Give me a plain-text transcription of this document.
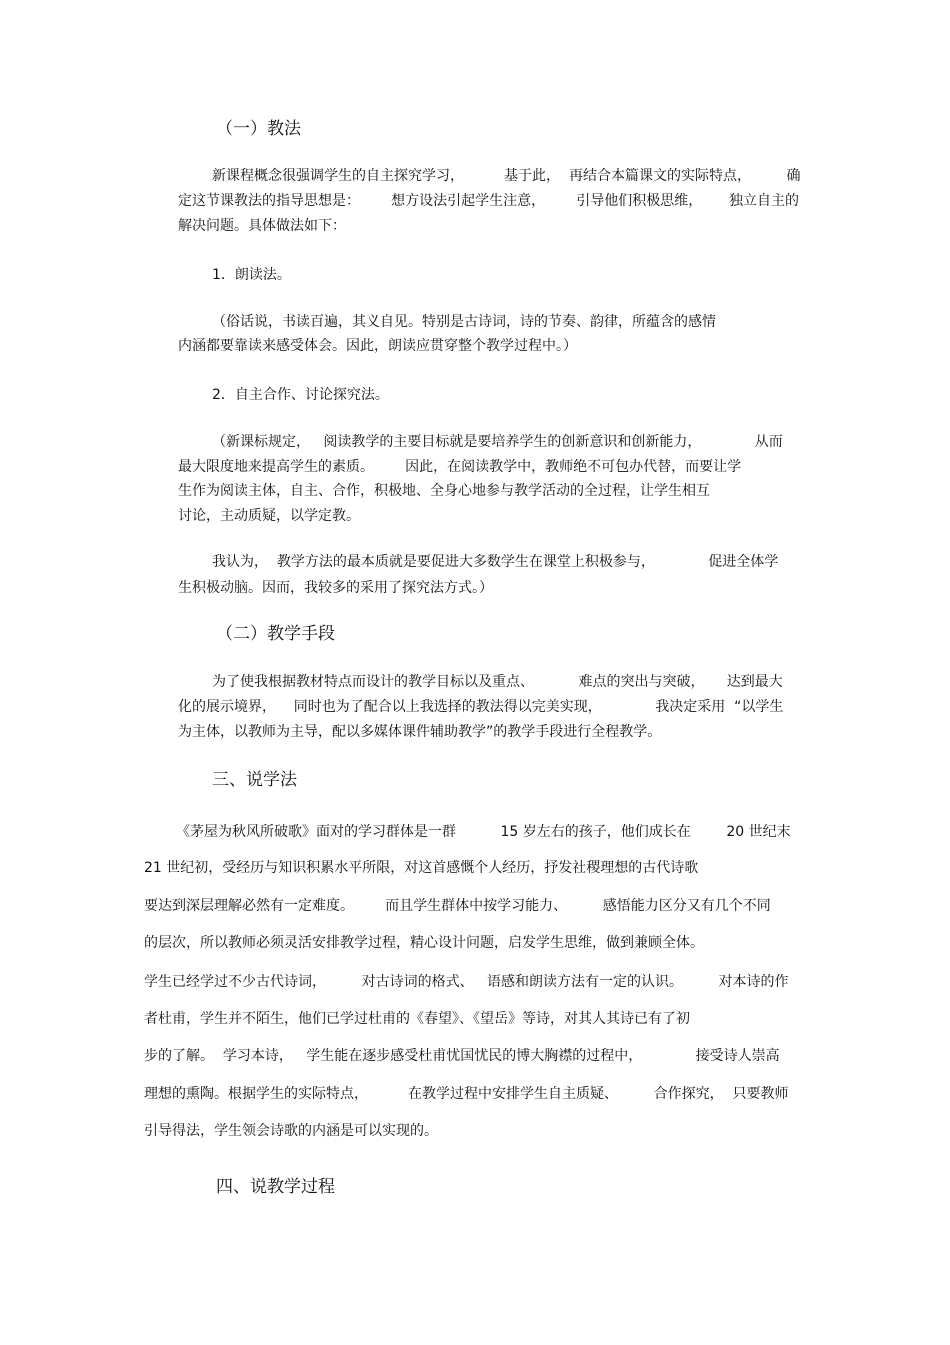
（一）教法
新课程概念很强调学生的自主探究学习，         基于此，  再结合本篇课文的实际特点，        确
定这节课教法的指导思想是：       想方设法引起学生注意，       引导他们积极思维，      独立自主的
解决问题。具体做法如下：
1．朗读法。
（俗话说，书读百遍，其义自见。特别是古诗词，诗的节奏、韵律，所蕴含的感情
内涵都要靠读来感受体会。因此，朗读应贯穿整个教学过程中。）
2．自主合作、讨论探究法。
（新课标规定，   阅读教学的主要目标就是要培养学生的创新意识和创新能力，            从而
最大限度地来提高学生的素质。       因此，在阅读教学中，教师绝不可包办代替，而要让学
生作为阅读主体，自主、合作，积极地、全身心地参与教学活动的全过程，让学生相互
讨论，主动质疑，以学定教。
我认为，  教学方法的最本质就是要促进大多数学生在课堂上积极参与，            促进全体学
生积极动脑。因而，我较多的采用了探究法方式。）
（二）教学手段
为了使我根据教材特点而设计的教学目标以及重点、          难点的突出与突破，     达到最大
化的展示境界，    同时也为了配合以上我选择的教法得以完美实现，            我决定采用  “以学生
为主体，以教师为主导，配以多媒体课件辅助教学”的教学手段进行全程教学。
三、说学法
《茅屋为秋风所破歌》面对的学习群体是一群          15 岁左右的孩子，他们成长在        20 世纪末
21 世纪初，受经历与知识积累水平所限，对这首感慨个人经历，抒发社稷理想的古代诗歌
要达到深层理解必然有一定难度。       而且学生群体中按学习能力、        感悟能力区分又有几个不同
的层次，所以教师必须灵活安排教学过程，精心设计问题，启发学生思维，做到兼顾全体。
学生已经学过不少古代诗词，        对古诗词的格式、   语感和朗读方法有一定的认识。        对本诗的作
者杜甫，学生并不陌生，他们已学过杜甫的《春望》、《望岳》等诗，对其人其诗已有了初
步的了解。  学习本诗，   学生能在逐步感受杜甫忧国忧民的博大胸襟的过程中，            接受诗人崇高
理想的熏陶。根据学生的实际特点，         在教学过程中安排学生自主质疑、        合作探究，  只要教师
引导得法，学生领会诗歌的内涵是可以实现的。
四、说教学过程
